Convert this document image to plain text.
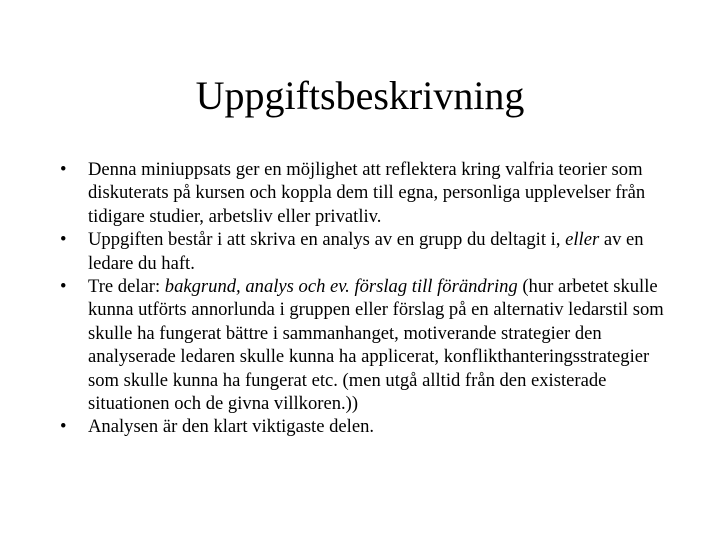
Uppgiftsbeskrivning
•	Denna miniuppsats ger en möjlighet att reflektera kring valfria teorier som diskuterats på kursen och koppla dem till egna, personliga upplevelser från tidigare studier, arbetsliv eller privatliv.
•	Uppgiften består i att skriva en analys av en grupp du deltagit i, eller av en ledare du haft.
•	Tre delar: bakgrund, analys och ev. förslag till förändring (hur arbetet skulle kunna utförts annorlunda i gruppen eller förslag på en alternativ ledarstil som skulle ha fungerat bättre i sammanhanget, motiverande strategier den analyserade ledaren skulle kunna ha applicerat, konflikthanteringsstrategier som skulle kunna ha fungerat etc. (men utgå alltid från den existerade situationen och de givna villkoren.))
•	Analysen är den klart viktigaste delen.
